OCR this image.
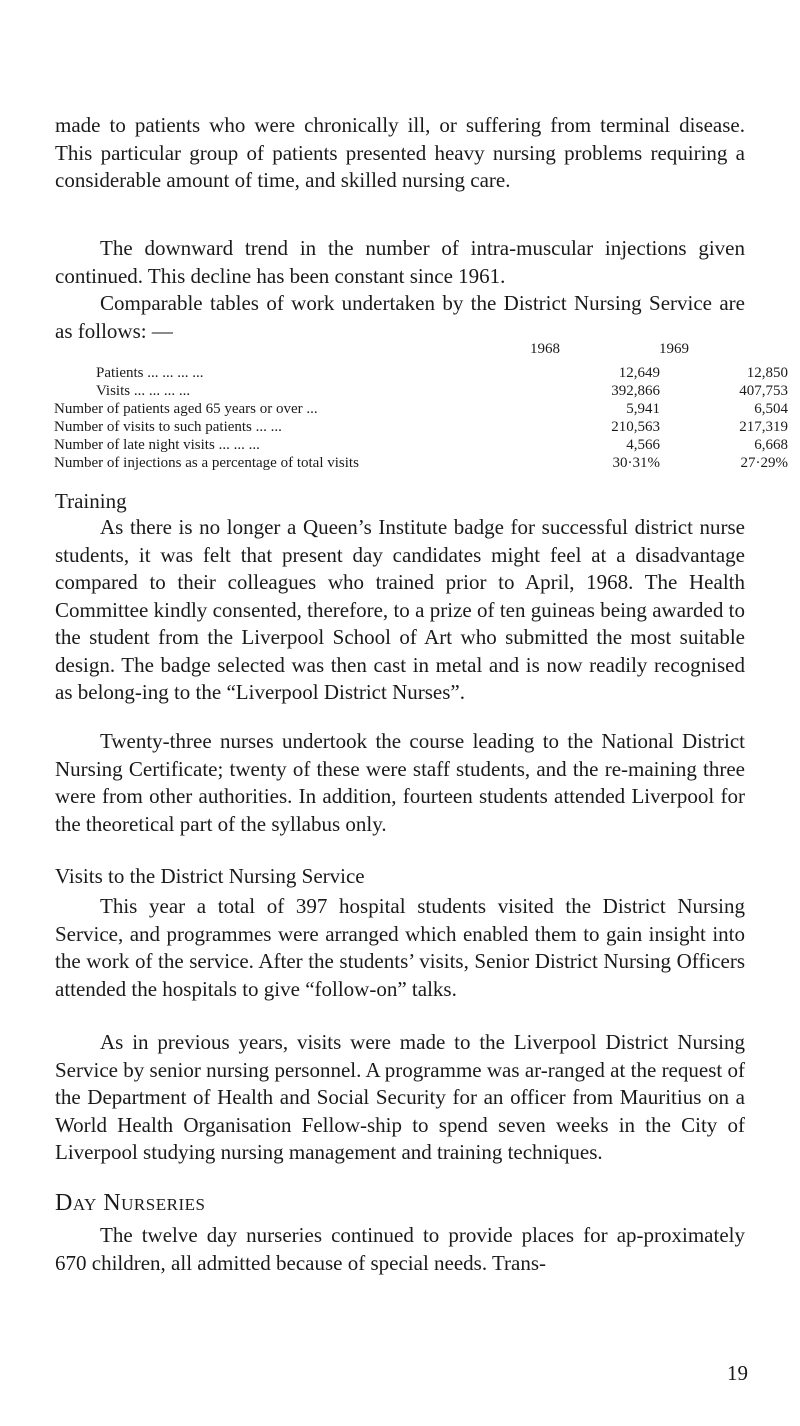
made to patients who were chronically ill, or suffering from terminal disease. This particular group of patients presented heavy nursing problems requiring a considerable amount of time, and skilled nursing care.

The downward trend in the number of intra-muscular injections given continued. This decline has been constant since 1961.

Comparable tables of work undertaken by the District Nursing Service are as follows: —

1968	1969
Patients ... ... ... ...	12,649	12,850
Visits ... ... ... ...	392,866	407,753
Number of patients aged 65 years or over ...	5,941	6,504
Number of visits to such patients ... ...	210,563	217,319
Number of late night visits ... ... ...	4,566	6,668
Number of injections as a percentage of total visits	30·31%	27·29%
Training

As there is no longer a Queen’s Institute badge for successful district nurse students, it was felt that present day candidates might feel at a disadvantage compared to their colleagues who trained prior to April, 1968. The Health Committee kindly consented, therefore, to a prize of ten guineas being awarded to the student from the Liverpool School of Art who submitted the most suitable design. The badge selected was then cast in metal and is now readily recognised as belong-ing to the “Liverpool District Nurses”.

Twenty-three nurses undertook the course leading to the National District Nursing Certificate; twenty of these were staff students, and the re-maining three were from other authorities. In addition, fourteen students attended Liverpool for the theoretical part of the syllabus only.

Visits to the District Nursing Service

This year a total of 397 hospital students visited the District Nursing Service, and programmes were arranged which enabled them to gain insight into the work of the service. After the students’ visits, Senior District Nursing Officers attended the hospitals to give “follow-on” talks.

As in previous years, visits were made to the Liverpool District Nursing Service by senior nursing personnel. A programme was ar-ranged at the request of the Department of Health and Social Security for an officer from Mauritius on a World Health Organisation Fellow-ship to spend seven weeks in the City of Liverpool studying nursing management and training techniques.

Day Nurseries

The twelve day nurseries continued to provide places for ap-proximately 670 children, all admitted because of special needs. Trans-

19
